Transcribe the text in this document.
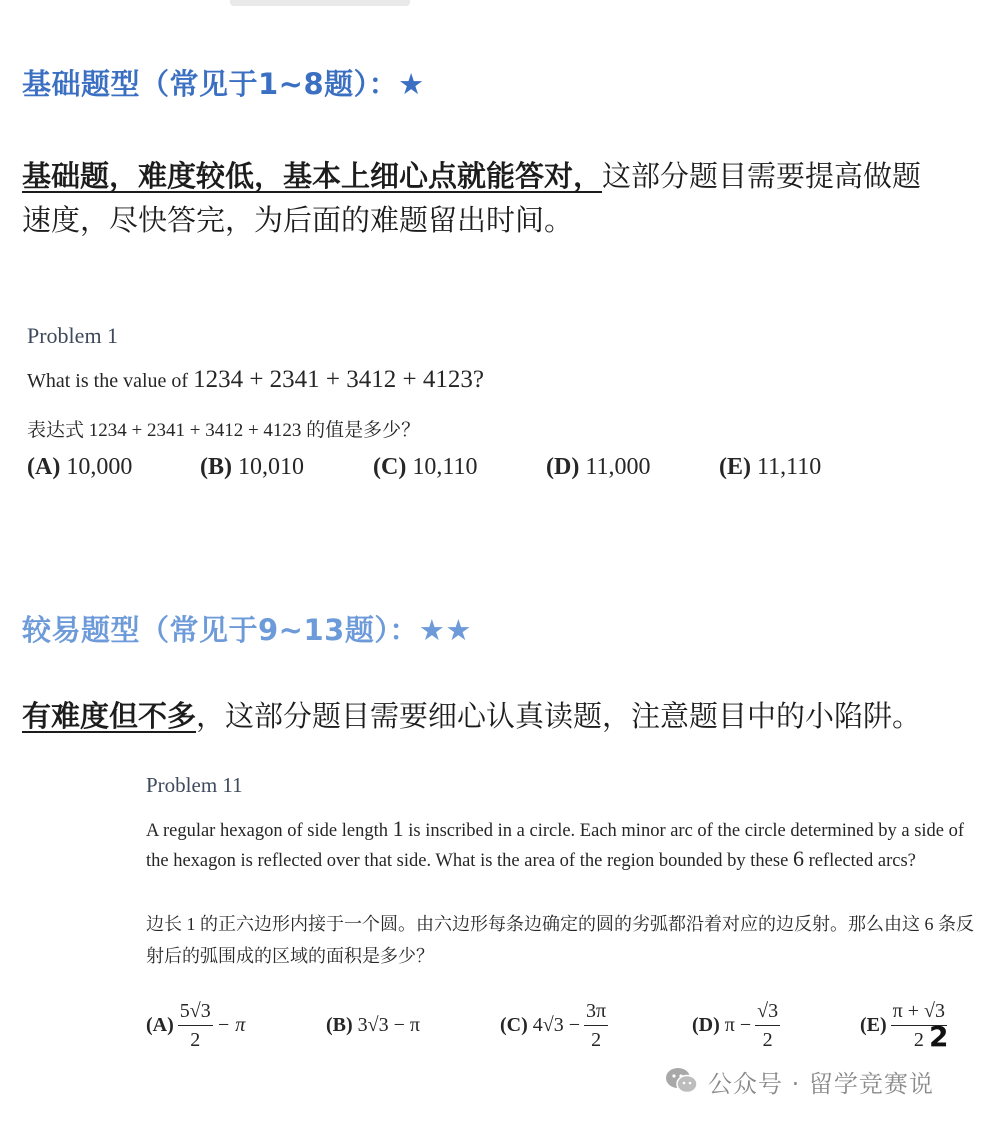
基础题型（常见于1~8题）：★
基础题，难度较低，基本上细心点就能答对，这部分题目需要提高做题速度，尽快答完，为后面的难题留出时间。
Problem 1
What is the value of 1234 + 2341 + 3412 + 4123?
表达式 1234 + 2341 + 3412 + 4123 的值是多少？
(A) 10,000	(B) 10,010	(C) 10,110	(D) 11,000	(E) 11,110
较易题型（常见于9~13题）：★★
有难度但不多，这部分题目需要细心认真读题，注意题目中的小陷阱。
Problem 11
A regular hexagon of side length 1 is inscribed in a circle. Each minor arc of the circle determined by a side of the hexagon is reflected over that side. What is the area of the region bounded by these 6 reflected arcs?
边长 1 的正六边形内接于一个圆。由六边形每条边确定的圆的劣弧都沿着对应的边反射。那么由这 6 条反射后的弧围成的区域的面积是多少？
$(A) \frac{5√3}{2} - \pi$	(B)
3√3 − π	(C)
$4√3 - \frac{3\pi}{2}$	(D)
$\pi - \frac{√3}{2}$	$(E) \frac{\pi + √3}{2}$
2
公众号 · 留学竞赛说
